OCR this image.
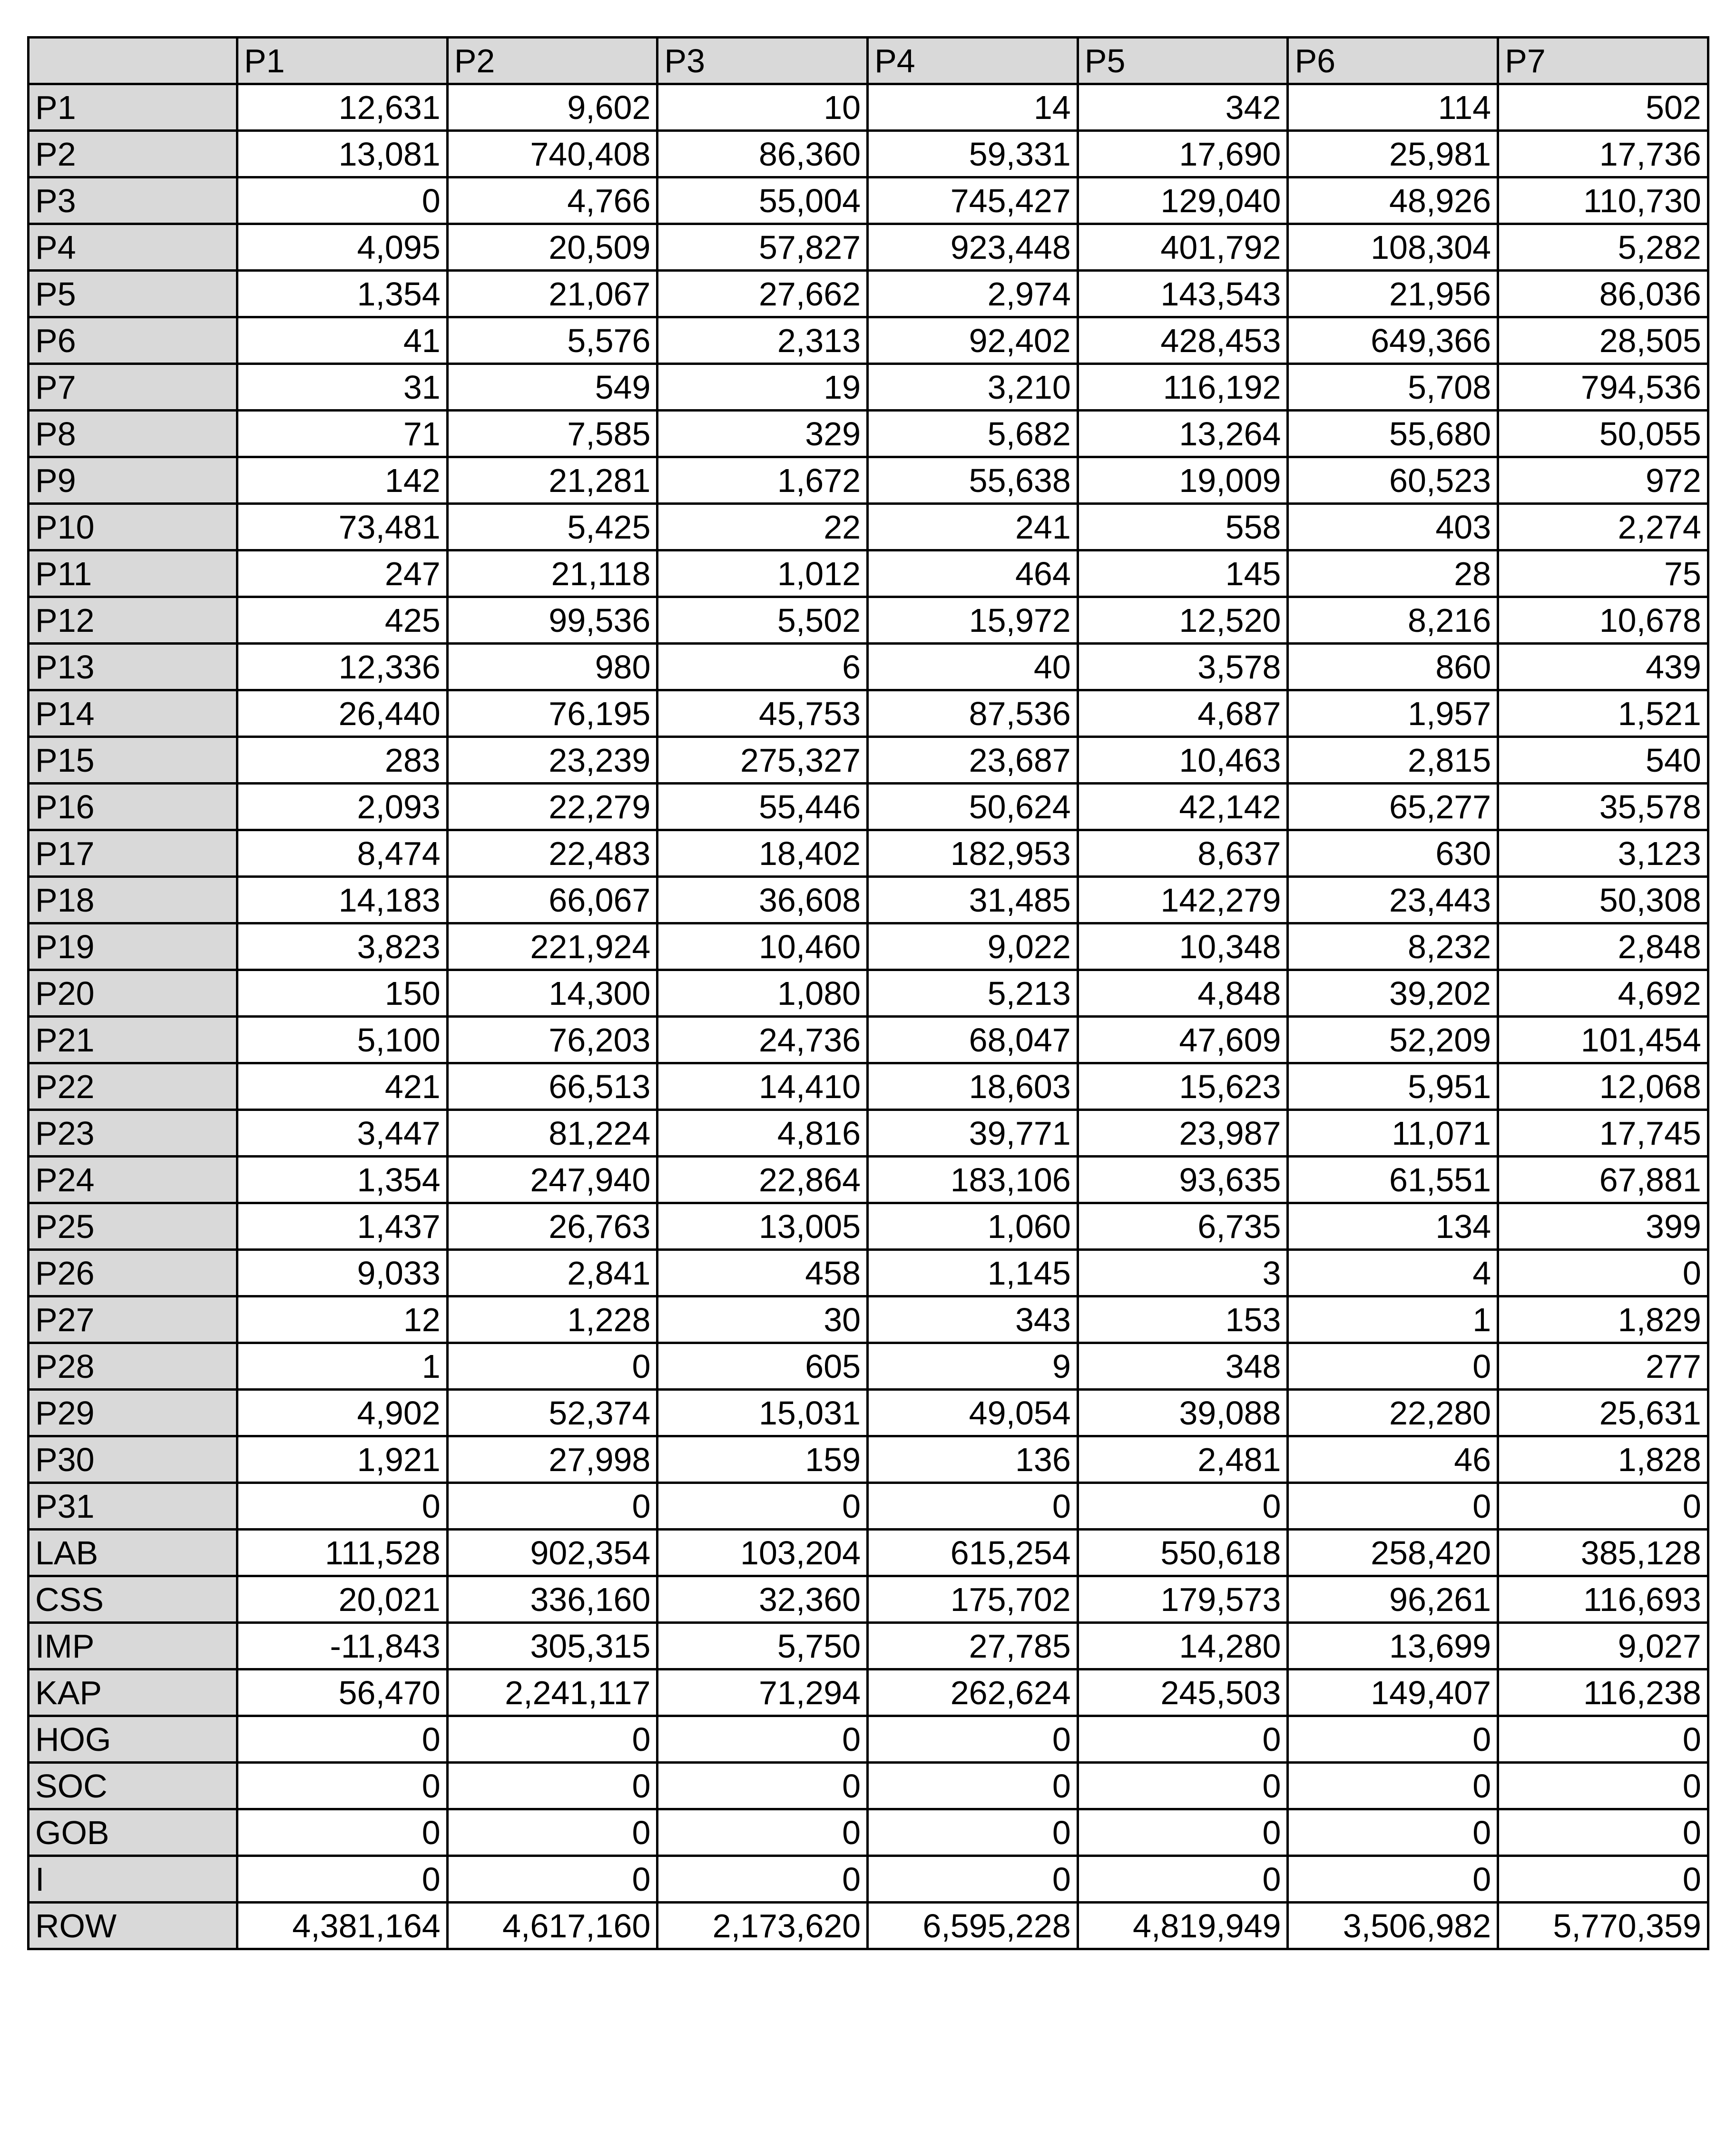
	P1	P2	P3	P4	P5	P6	P7
P1	12,631	9,602	10	14	342	114	502
P2	13,081	740,408	86,360	59,331	17,690	25,981	17,736
P3	0	4,766	55,004	745,427	129,040	48,926	110,730
P4	4,095	20,509	57,827	923,448	401,792	108,304	5,282
P5	1,354	21,067	27,662	2,974	143,543	21,956	86,036
P6	41	5,576	2,313	92,402	428,453	649,366	28,505
P7	31	549	19	3,210	116,192	5,708	794,536
P8	71	7,585	329	5,682	13,264	55,680	50,055
P9	142	21,281	1,672	55,638	19,009	60,523	972
P10	73,481	5,425	22	241	558	403	2,274
P11	247	21,118	1,012	464	145	28	75
P12	425	99,536	5,502	15,972	12,520	8,216	10,678
P13	12,336	980	6	40	3,578	860	439
P14	26,440	76,195	45,753	87,536	4,687	1,957	1,521
P15	283	23,239	275,327	23,687	10,463	2,815	540
P16	2,093	22,279	55,446	50,624	42,142	65,277	35,578
P17	8,474	22,483	18,402	182,953	8,637	630	3,123
P18	14,183	66,067	36,608	31,485	142,279	23,443	50,308
P19	3,823	221,924	10,460	9,022	10,348	8,232	2,848
P20	150	14,300	1,080	5,213	4,848	39,202	4,692
P21	5,100	76,203	24,736	68,047	47,609	52,209	101,454
P22	421	66,513	14,410	18,603	15,623	5,951	12,068
P23	3,447	81,224	4,816	39,771	23,987	11,071	17,745
P24	1,354	247,940	22,864	183,106	93,635	61,551	67,881
P25	1,437	26,763	13,005	1,060	6,735	134	399
P26	9,033	2,841	458	1,145	3	4	0
P27	12	1,228	30	343	153	1	1,829
P28	1	0	605	9	348	0	277
P29	4,902	52,374	15,031	49,054	39,088	22,280	25,631
P30	1,921	27,998	159	136	2,481	46	1,828
P31	0	0	0	0	0	0	0
LAB	111,528	902,354	103,204	615,254	550,618	258,420	385,128
CSS	20,021	336,160	32,360	175,702	179,573	96,261	116,693
IMP	-11,843	305,315	5,750	27,785	14,280	13,699	9,027
KAP	56,470	2,241,117	71,294	262,624	245,503	149,407	116,238
HOG	0	0	0	0	0	0	0
SOC	0	0	0	0	0	0	0
GOB	0	0	0	0	0	0	0
I	0	0	0	0	0	0	0
ROW	4,381,164	4,617,160	2,173,620	6,595,228	4,819,949	3,506,982	5,770,359
